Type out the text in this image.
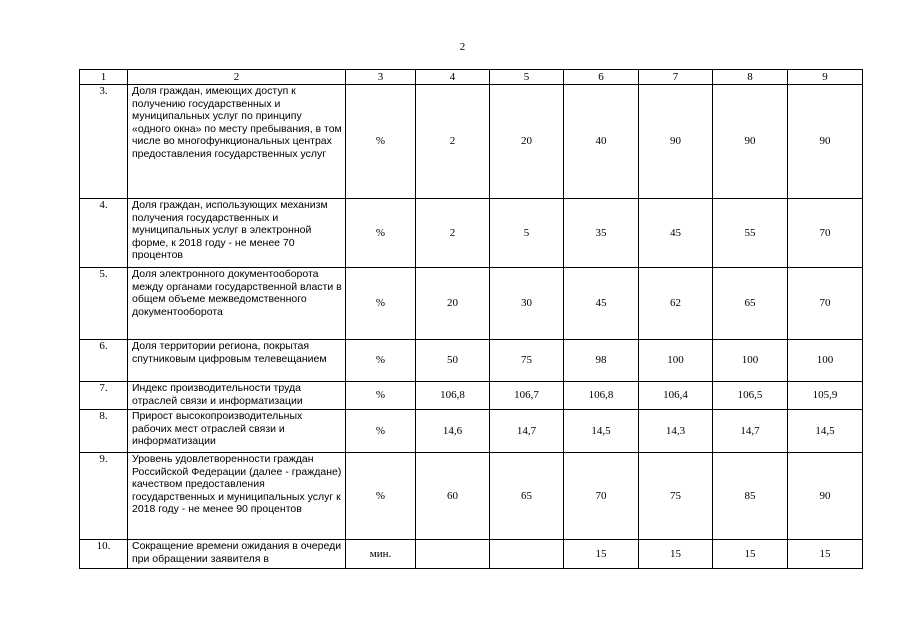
2
1	2	3	4	5	6	7	8	9
3.	Доля граждан, имеющих доступ к получению государственных и муниципальных услуг по принципу «одного окна» по месту пребывания, в том числе во многофункциональных центрах предоставления государственных услуг	%	2	20	40	90	90	90
4.	Доля граждан, использующих механизм получения государственных и муниципальных услуг в электронной форме, к 2018 году - не менее 70 процентов	%	2	5	35	45	55	70
5.	Доля электронного документооборота между органами государственной власти в общем объеме межведомственного документооборота	%	20	30	45	62	65	70
6.	Доля территории региона, покрытая спутниковым цифровым телевещанием	%	50	75	98	100	100	100
7.	Индекс производительности труда отраслей связи и информатизации	%	106,8	106,7	106,8	106,4	106,5	105,9
8.	Прирост высокопроизводительных рабочих мест отраслей связи и информатизации	%	14,6	14,7	14,5	14,3	14,7	14,5
9.	Уровень удовлетворенности граждан Российской Федерации (далее - граждане) качеством предоставления государственных и муниципальных услуг к 2018 году - не менее 90 процентов	%	60	65	70	75	85	90
10.	Сокращение времени ожидания в очереди при обращении заявителя в	мин.			15	15	15	15
